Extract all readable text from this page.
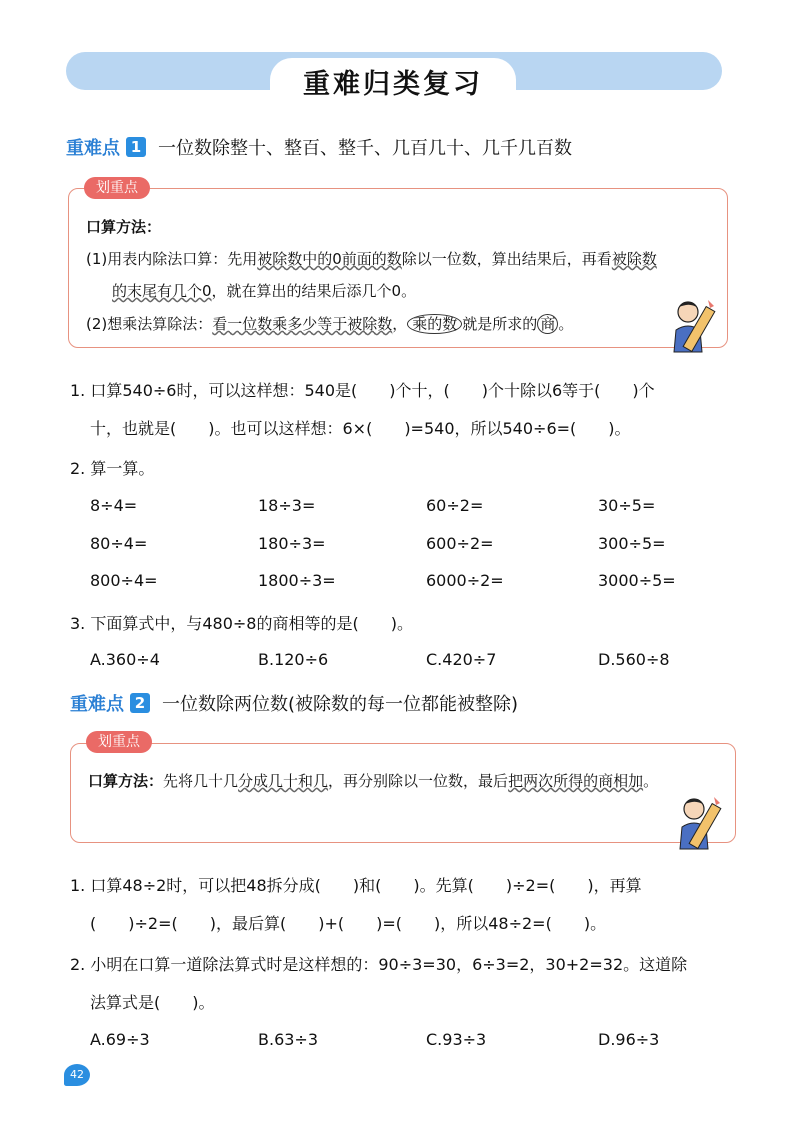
重难归类复习
重难点 1 一位数除整十、整百、整千、几百几十、几千几百数
划重点
口算方法：
(1)用表内除法口算：先用被除数中的0前面的数除以一位数，算出结果后，再看被除数
的末尾有几个0，就在算出的结果后添几个0。
(2)想乘法算除法：看一位数乘多少等于被除数， 乘的数 就是所求的 商 。
1. 口算540÷6时，可以这样想：540是(　　)个十，(　　)个十除以6等于(　　)个
十，也就是(　　)。也可以这样想：6×(　　)=540，所以540÷6=(　　)。
2. 算一算。
8÷4=	18÷3=	60÷2=	30÷5=
80÷4=	180÷3=	600÷2=	300÷5=
800÷4=	1800÷3=	6000÷2=	3000÷5=
3. 下面算式中，与480÷8的商相等的是(　　)。
A.360÷4	B.120÷6	C.420÷7	D.560÷8
重难点 2 一位数除两位数(被除数的每一位都能被整除)
划重点
口算方法：先将几十几分成几十和几，再分别除以一位数，最后把两次所得的商相加。
1. 口算48÷2时，可以把48拆分成(　　)和(　　)。先算(　　)÷2=(　　)，再算
(　　)÷2=(　　)，最后算(　　)+(　　)=(　　)，所以48÷2=(　　)。
2. 小明在口算一道除法算式时是这样想的：90÷3=30，6÷3=2，30+2=32。这道除
法算式是(　　)。
A.69÷3	B.63÷3	C.93÷3	D.96÷3
42
